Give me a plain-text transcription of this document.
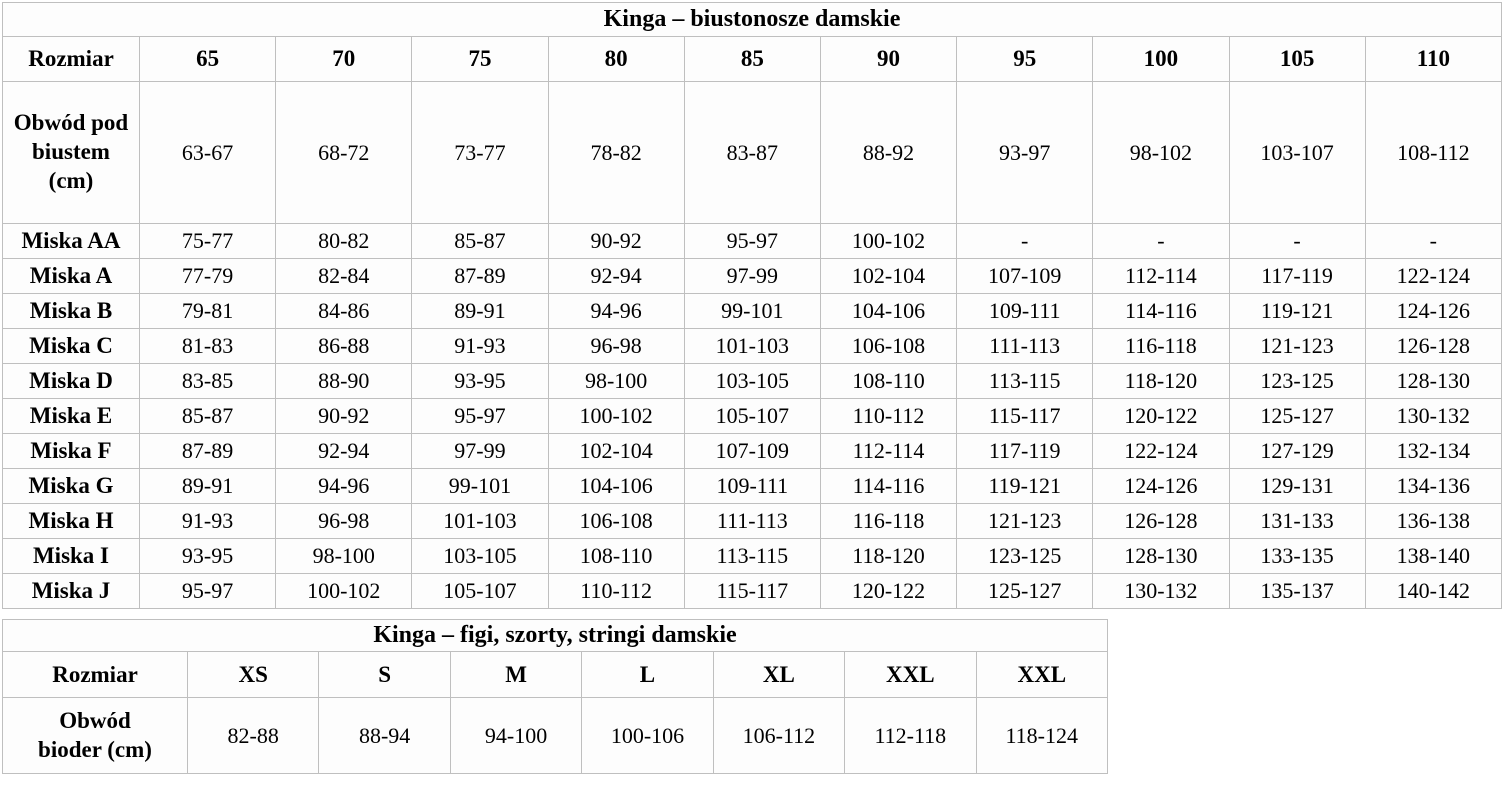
Kinga – biustonosze damskie										
Rozmiar	65	70	75	80	85	90	95	100	105	110
Obwód pod biustem (cm)	63-67	68-72	73-77	78-82	83-87	88-92	93-97	98-102	103-107	108-112
Miska AA	75-77	80-82	85-87	90-92	95-97	100-102	-	-	-	-
Miska A	77-79	82-84	87-89	92-94	97-99	102-104	107-109	112-114	117-119	122-124
Miska B	79-81	84-86	89-91	94-96	99-101	104-106	109-111	114-116	119-121	124-126
Miska C	81-83	86-88	91-93	96-98	101-103	106-108	111-113	116-118	121-123	126-128
Miska D	83-85	88-90	93-95	98-100	103-105	108-110	113-115	118-120	123-125	128-130
Miska E	85-87	90-92	95-97	100-102	105-107	110-112	115-117	120-122	125-127	130-132
Miska F	87-89	92-94	97-99	102-104	107-109	112-114	117-119	122-124	127-129	132-134
Miska G	89-91	94-96	99-101	104-106	109-111	114-116	119-121	124-126	129-131	134-136
Miska H	91-93	96-98	101-103	106-108	111-113	116-118	121-123	126-128	131-133	136-138
Miska I	93-95	98-100	103-105	108-110	113-115	118-120	123-125	128-130	133-135	138-140
Miska J	95-97	100-102	105-107	110-112	115-117	120-122	125-127	130-132	135-137	140-142
Kinga – figi, szorty, stringi damskie							
Rozmiar	XS	S	M	L	XL	XXL	XXL
Obwód bioder (cm)	82-88	88-94	94-100	100-106	106-112	112-118	118-124
